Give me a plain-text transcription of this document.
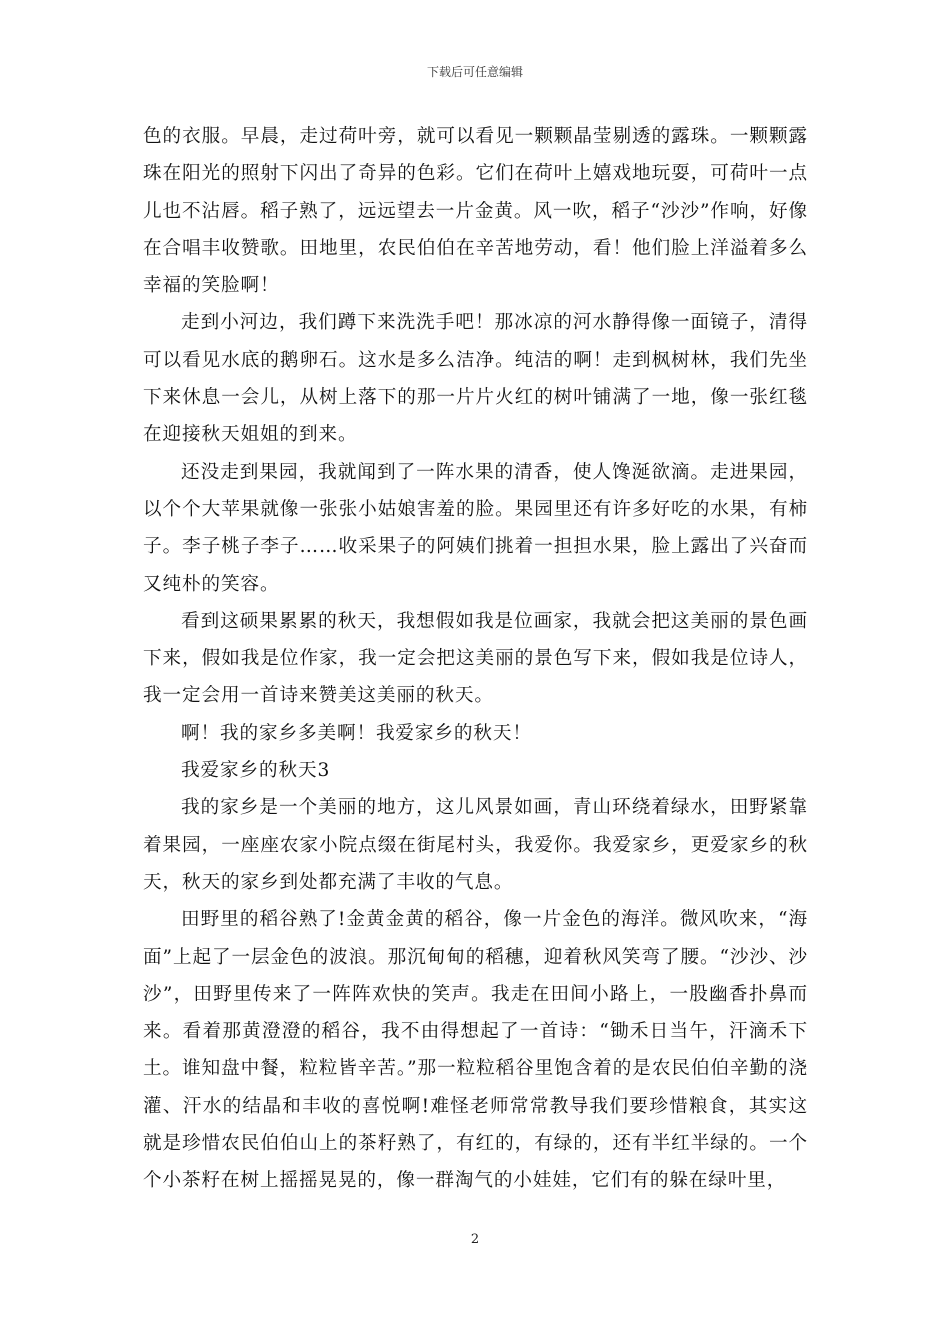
下载后可任意编辑

色的衣服。早晨，走过荷叶旁，就可以看见一颗颗晶莹剔透的露珠。一颗颗露珠在阳光的照射下闪出了奇异的色彩。它们在荷叶上嬉戏地玩耍，可荷叶一点儿也不沾唇。稻子熟了，远远望去一片金黄。风一吹，稻子“沙沙”作响，好像在合唱丰收赞歌。田地里，农民伯伯在辛苦地劳动，看！他们脸上洋溢着多么幸福的笑脸啊！

走到小河边，我们蹲下来洗洗手吧！那冰凉的河水静得像一面镜子，清得可以看见水底的鹅卵石。这水是多么洁净。纯洁的啊！走到枫树林，我们先坐下来休息一会儿，从树上落下的那一片片火红的树叶铺满了一地，像一张红毯在迎接秋天姐姐的到来。

还没走到果园，我就闻到了一阵水果的清香，使人馋涎欲滴。走进果园，以个个大苹果就像一张张小姑娘害羞的脸。果园里还有许多好吃的水果，有柿子。李子桃子李子……收采果子的阿姨们挑着一担担水果，脸上露出了兴奋而又纯朴的笑容。

看到这硕果累累的秋天，我想假如我是位画家，我就会把这美丽的景色画下来，假如我是位作家，我一定会把这美丽的景色写下来，假如我是位诗人，我一定会用一首诗来赞美这美丽的秋天。

啊！我的家乡多美啊！我爱家乡的秋天！

我爱家乡的秋天3

我的家乡是一个美丽的地方，这儿风景如画，青山环绕着绿水，田野紧靠着果园，一座座农家小院点缀在街尾村头，我爱你。我爱家乡，更爱家乡的秋天，秋天的家乡到处都充满了丰收的气息。

田野里的稻谷熟了!金黄金黄的稻谷，像一片金色的海洋。微风吹来，“海面”上起了一层金色的波浪。那沉甸甸的稻穗，迎着秋风笑弯了腰。“沙沙、沙沙”，田野里传来了一阵阵欢快的笑声。我走在田间小路上，一股幽香扑鼻而来。看着那黄澄澄的稻谷，我不由得想起了一首诗：“锄禾日当午，汗滴禾下土。谁知盘中餐，粒粒皆辛苦。”那一粒粒稻谷里饱含着的是农民伯伯辛勤的浇灌、汗水的结晶和丰收的喜悦啊!难怪老师常常教导我们要珍惜粮食，其实这就是珍惜农民伯伯山上的茶籽熟了，有红的，有绿的，还有半红半绿的。一个个小茶籽在树上摇摇晃晃的，像一群淘气的小娃娃，它们有的躲在绿叶里，

2
